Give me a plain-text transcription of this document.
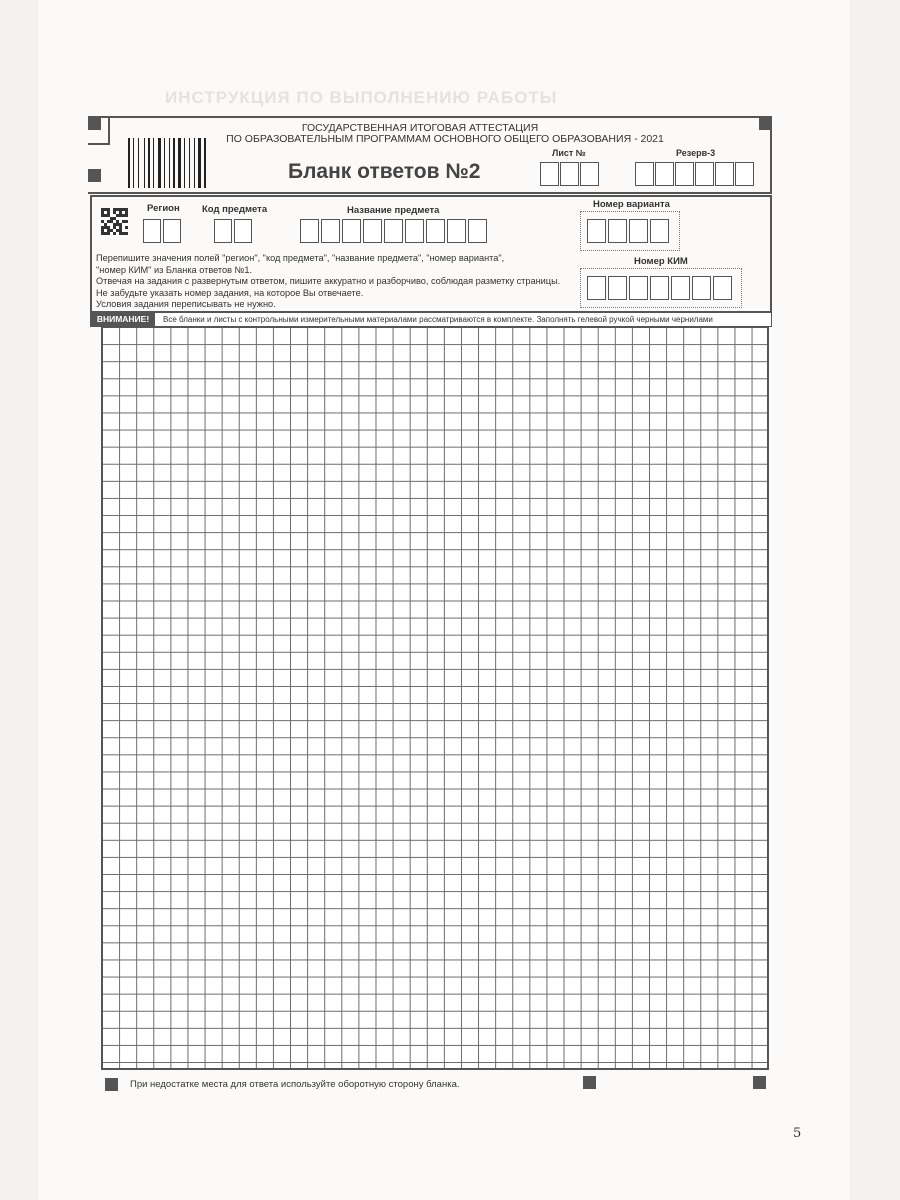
ИНСТРУКЦИЯ ПО ВЫПОЛНЕНИЮ РАБОТЫ
ГОСУДАРСТВЕННАЯ ИТОГОВАЯ АТТЕСТАЦИЯ
ПО ОБРАЗОВАТЕЛЬНЫМ ПРОГРАММАМ ОСНОВНОГО ОБЩЕГО ОБРАЗОВАНИЯ - 2021
Бланк ответов №2
Лист №	Резерв-3
Регион Код предмета	Название предмета
Номер варианта
Номер КИМ
Перепишите значения полей "регион", "код предмета", "название предмета", "номер варианта",
"номер КИМ" из Бланка ответов №1.
Отвечая на задания с развернутым ответом, пишите аккуратно и разборчиво, соблюдая разметку страницы.
Не забудьте указать номер задания, на которое Вы отвечаете.
Условия задания переписывать не нужно.
ВНИМАНИЕ!	Все бланки и листы с контрольными измерительными материалами рассматриваются в комплекте. Заполнять гелевой ручкой черными чернилами
При недостатке места для ответа используйте оборотную сторону бланка.
5
